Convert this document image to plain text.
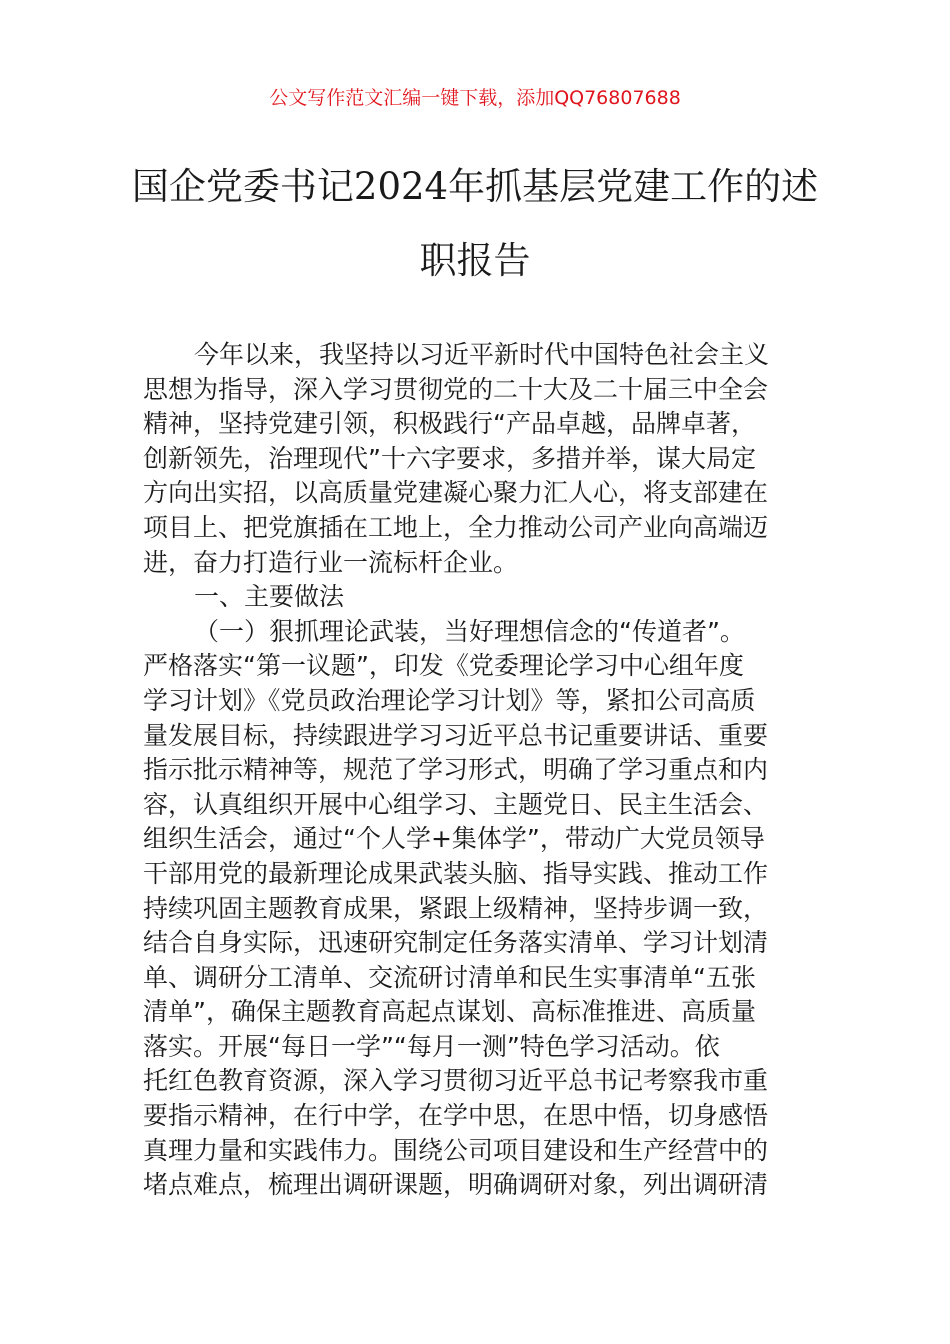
公文写作范文汇编一键下载，添加QQ76807688
国企党委书记2024年抓基层党建工作的述
职报告
今年以来，我坚持以习近平新时代中国特色社会主义
思想为指导，深入学习贯彻党的二十大及二十届三中全会
精神，坚持党建引领，积极践行“产品卓越，品牌卓著，
创新领先，治理现代”十六字要求，多措并举，谋大局定
方向出实招，以高质量党建凝心聚力汇人心，将支部建在
项目上、把党旗插在工地上，全力推动公司产业向高端迈
进，奋力打造行业一流标杆企业。
一、主要做法
（一）狠抓理论武装，当好理想信念的“传道者”。
严格落实“第一议题”，印发《党委理论学习中心组年度
学习计划》《党员政治理论学习计划》等，紧扣公司高质
量发展目标，持续跟进学习习近平总书记重要讲话、重要
指示批示精神等，规范了学习形式，明确了学习重点和内
容，认真组织开展中心组学习、主题党日、民主生活会、
组织生活会，通过“个人学+集体学”，带动广大党员领导
干部用党的最新理论成果武装头脑、指导实践、推动工作
持续巩固主题教育成果，紧跟上级精神，坚持步调一致，
结合自身实际，迅速研究制定任务落实清单、学习计划清
单、调研分工清单、交流研讨清单和民生实事清单“五张
清单”，确保主题教育高起点谋划、高标准推进、高质量
落实。开展“每日一学”“每月一测”特色学习活动。依
托红色教育资源，深入学习贯彻习近平总书记考察我市重
要指示精神，在行中学，在学中思，在思中悟，切身感悟
真理力量和实践伟力。围绕公司项目建设和生产经营中的
堵点难点，梳理出调研课题，明确调研对象，列出调研清
